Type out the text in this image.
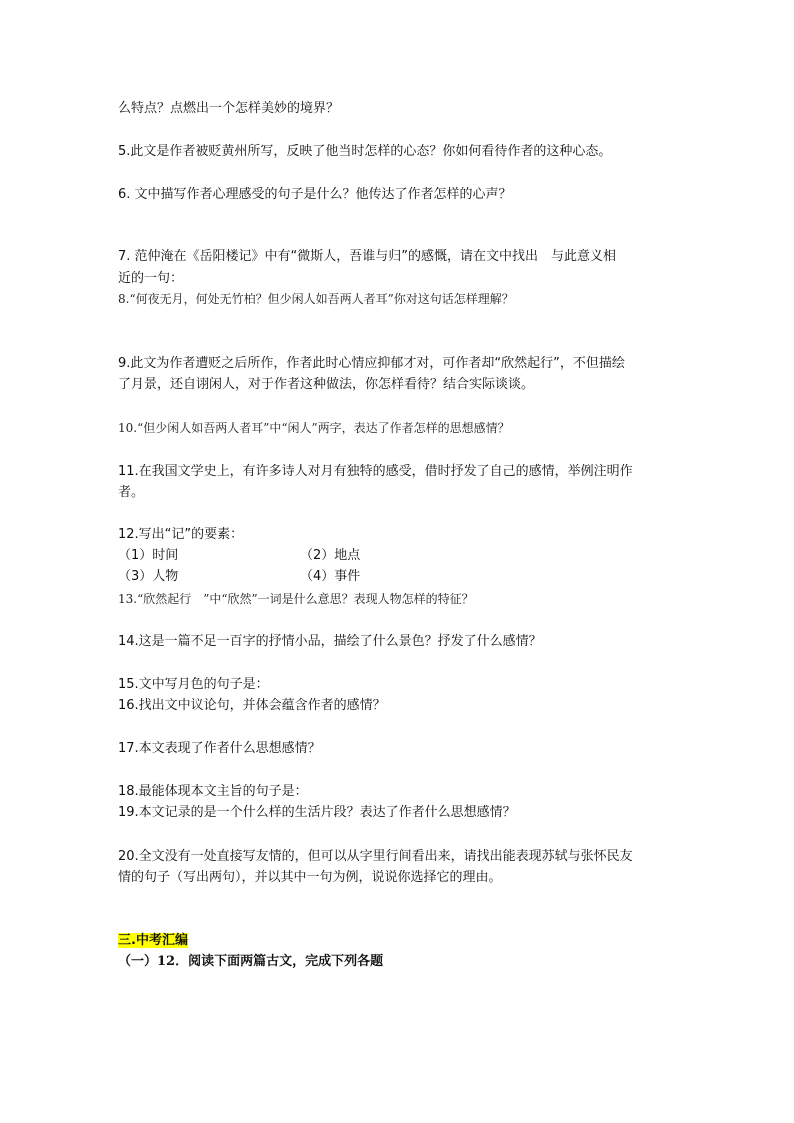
么特点？点燃出一个怎样美妙的境界？
5.此文是作者被贬黄州所写，反映了他当时怎样的心态？你如何看待作者的这种心态。
6. 文中描写作者心理感受的句子是什么？他传达了作者怎样的心声？
7. 范仲淹在《岳阳楼记》中有“微斯人，吾谁与归”的感慨，请在文中找出　与此意义相
近的一句：
8.“何夜无月，何处无竹柏？但少闲人如吾两人者耳”你对这句话怎样理解？
9.此文为作者遭贬之后所作，作者此时心情应抑郁才对，可作者却“欣然起行”，不但描绘
了月景，还自诩闲人，对于作者这种做法，你怎样看待？结合实际谈谈。
10.“但少闲人如吾两人者耳”中“闲人”两字，表达了作者怎样的思想感情？
11.在我国文学史上，有许多诗人对月有独特的感受，借时抒发了自己的感情，举例注明作
者。
12.写出“记”的要素：
（1）时间	（2）地点
（3）人物	（4）事件
13.“欣然起行　”中“欣然”一词是什么意思？表现人物怎样的特征？
14.这是一篇不足一百字的抒情小品，描绘了什么景色？抒发了什么感情？
15.文中写月色的句子是：
16.找出文中议论句，并体会蕴含作者的感情？
17.本文表现了作者什么思想感情？
18.最能体现本文主旨的句子是：
19.本文记录的是一个什么样的生活片段？表达了作者什么思想感情？
20.全文没有一处直接写友情的，但可以从字里行间看出来，请找出能表现苏轼与张怀民友
情的句子（写出两句），并以其中一句为例，说说你选择它的理由。
三.中考汇编
（一）12．阅读下面两篇古文，完成下列各题
